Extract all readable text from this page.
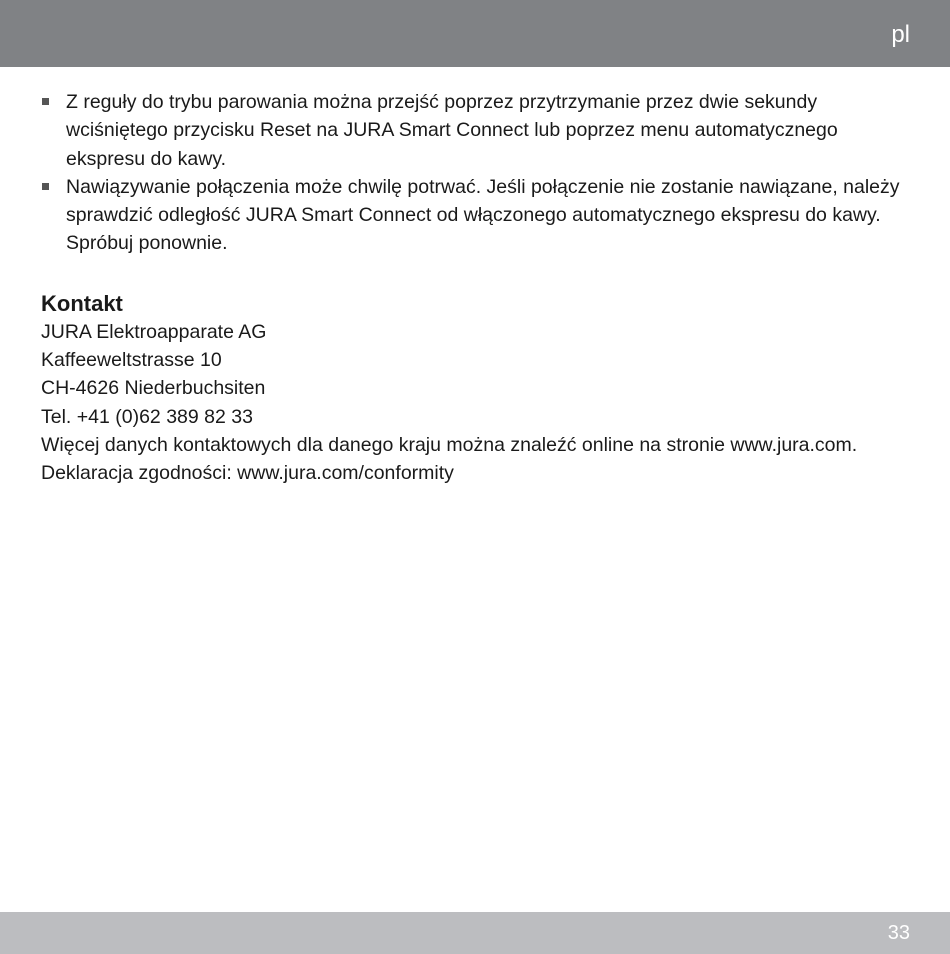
pl
Z reguły do trybu parowania można przejść poprzez przytrzymanie przez dwie sekundy wciśniętego przycisku Reset na JURA Smart Connect lub poprzez menu automatycznego ekspresu do kawy.
Nawiązywanie połączenia może chwilę potrwać. Jeśli połączenie nie zostanie nawiązane, należy sprawdzić odległość JURA Smart Connect od włączonego automatycznego ekspresu do kawy. Spróbuj ponownie.
Kontakt
JURA Elektroapparate AG
Kaffeeweltstrasse 10
CH-4626 Niederbuchsiten
Tel. +41 (0)62 389 82 33
Więcej danych kontaktowych dla danego kraju można znaleźć online na stronie www.jura.com.
Deklaracja zgodności: www.jura.com/conformity
33
